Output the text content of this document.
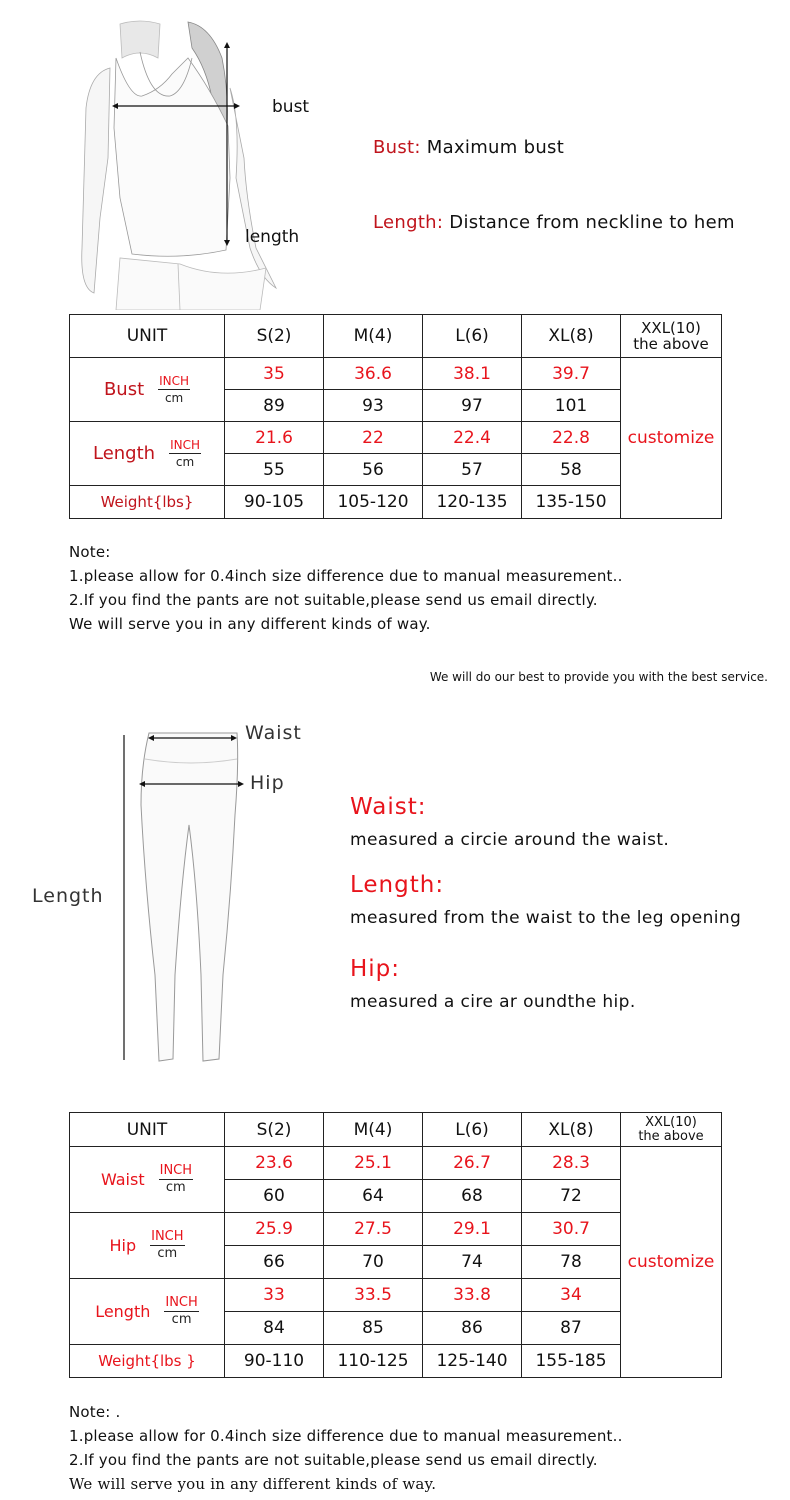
bust
length
Bust: Maximum bust
Length: Distance from neckline to hem
UNIT	S(2)	M(4)	L(6)	XL(8)	XXL(10)
the above

Bust $\frac{\text{INCH}}{cm}$	35	36.6	38.1	39.7	customize
	89	93	97	101	

Length $\frac{\text{INCH}}{cm}$	21.6	22	22.4	22.8	
	55	56	57	58	
Weight{lbs}	90-105	105-120	120-135	135-150	
Note:
1.please allow for 0.4inch size difference due to manual measurement..
2.If you find the pants are not suitable,please send us email directly.
We will serve you in any different kinds of way.
We will do our best to provide you with the best service.
Waist
Hip
Length
Waist:
measured a circie around the waist.
Length:
measured from the waist to the leg opening
Hip:
measured a cire ar oundthe hip.
UNIT	S(2)	M(4)	L(6)	XL(8)	XXL(10)
the above

Waist $\frac{\text{INCH}}{cm}$	23.6	25.1	26.7	28.3	customize
	60	64	68	72	

Hip $\frac{\text{INCH}}{cm}$	25.9	27.5	29.1	30.7	
	66	70	74	78	

Length $\frac{\text{INCH}}{cm}$	33	33.5	33.8	34	
	84	85	86	87	
Weight{lbs }	90-110	110-125	125-140	155-185	
Note: .
1.please allow for 0.4inch size difference due to manual measurement..
2.If you find the pants are not suitable,please send us email directly.
We will serve you in any different kinds of way.
